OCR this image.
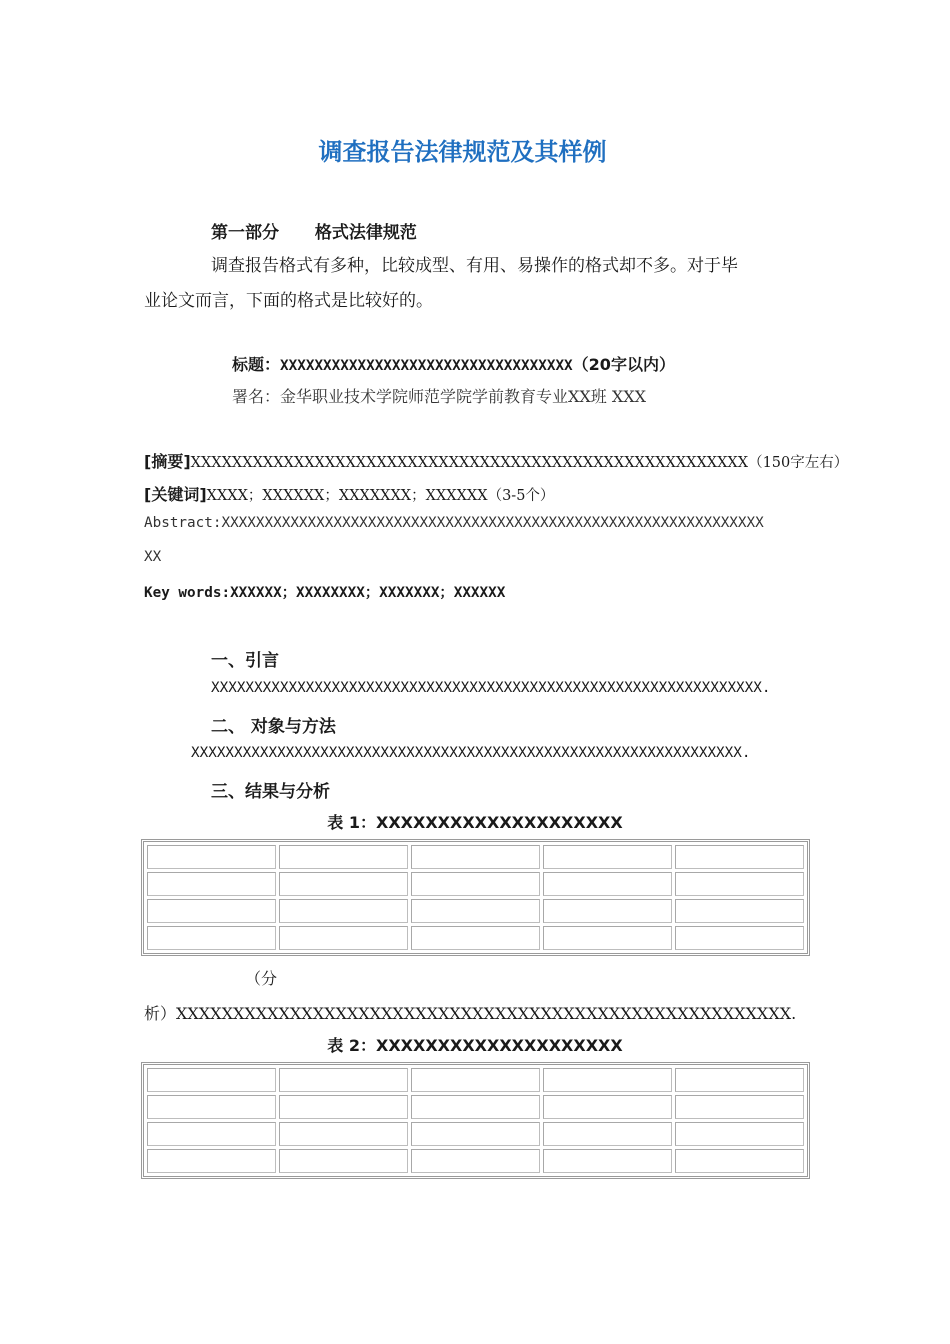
调查报告法律规范及其样例
第一部分 格式法律规范
调查报告格式有多种，比较成型、有用、易操作的格式却不多。对于毕
业论文而言，下面的格式是比较好的。
标题：XXXXXXXXXXXXXXXXXXXXXXXXXXXXXXXXXX（20字以内）
署名：金华职业技术学院师范学院学前教育专业XX班 XXX
[摘要]XXXXXXXXXXXXXXXXXXXXXXXXXXXXXXXXXXXXXXXXXXXXXXXXXXXXXX（150字左右）
[关键词]XXXX；XXXXXX；XXXXXXX；XXXXXX（3-5个）
Abstract:XXXXXXXXXXXXXXXXXXXXXXXXXXXXXXXXXXXXXXXXXXXXXXXXXXXXXXXXXXXXXXX
XX
Key words:XXXXXX；XXXXXXXX；XXXXXXX；XXXXXX
一、引言
XXXXXXXXXXXXXXXXXXXXXXXXXXXXXXXXXXXXXXXXXXXXXXXXXXXXXXXXXXXXXXXX.
二、 对象与方法
XXXXXXXXXXXXXXXXXXXXXXXXXXXXXXXXXXXXXXXXXXXXXXXXXXXXXXXXXXXXXXXX.
三、结果与分析
表 1：XXXXXXXXXXXXXXXXXXXX

（分
析）XXXXXXXXXXXXXXXXXXXXXXXXXXXXXXXXXXXXXXXXXXXXXXXXXXXXXX.
表 2：XXXXXXXXXXXXXXXXXXXX
